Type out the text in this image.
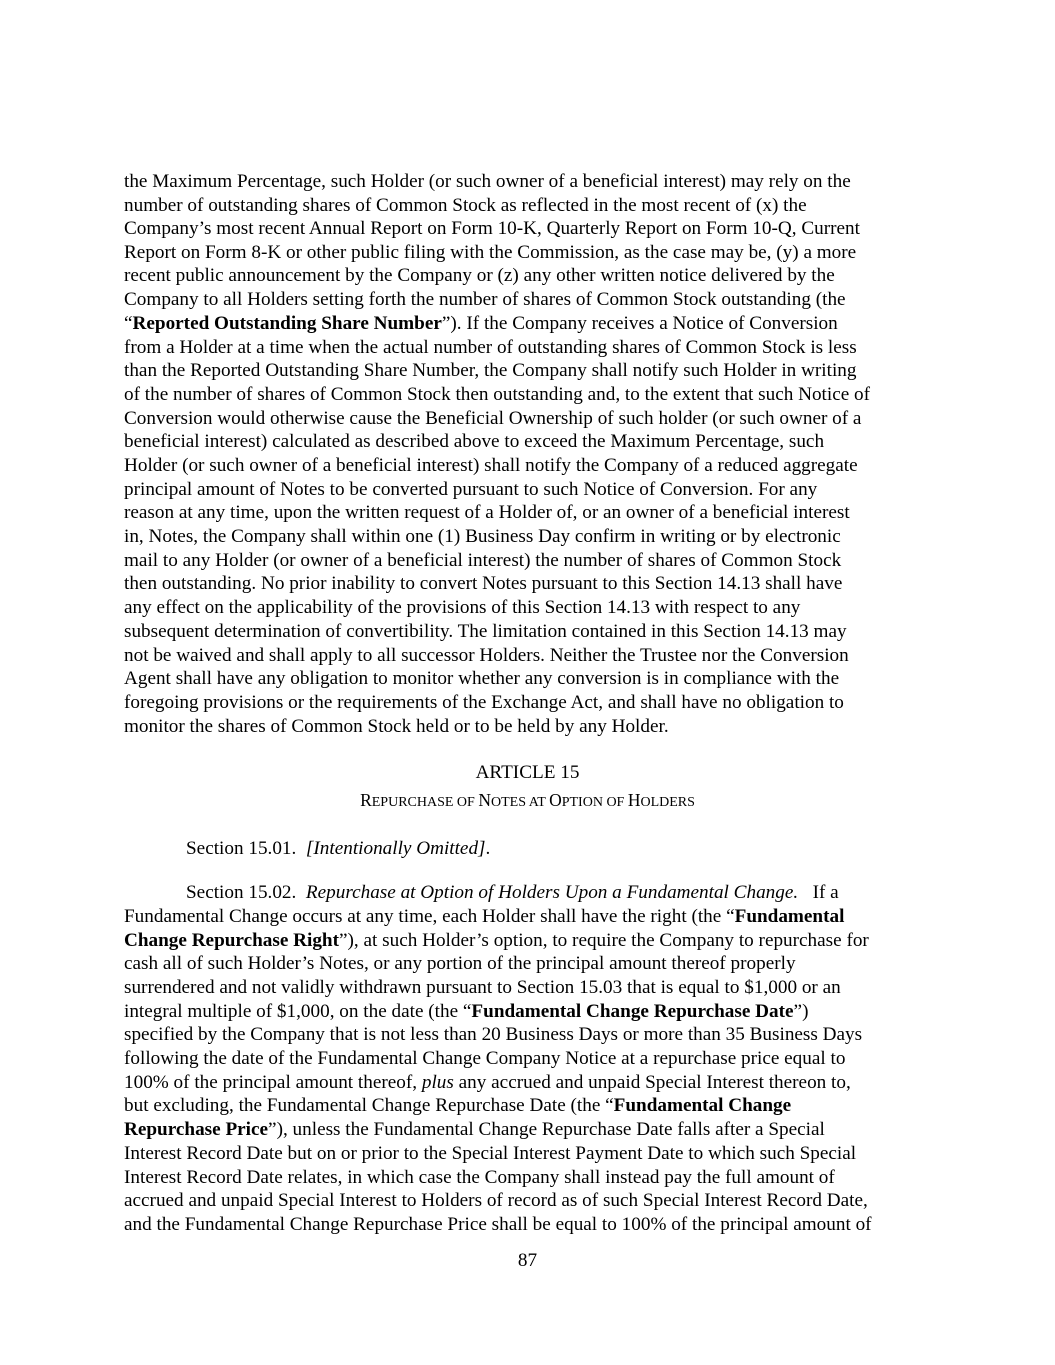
the Maximum Percentage, such Holder (or such owner of a beneficial interest) may rely on the
number of outstanding shares of Common Stock as reflected in the most recent of (x) the
Company’s most recent Annual Report on Form 10-K, Quarterly Report on Form 10-Q, Current
Report on Form 8-K or other public filing with the Commission, as the case may be, (y) a more
recent public announcement by the Company or (z) any other written notice delivered by the
Company to all Holders setting forth the number of shares of Common Stock outstanding (the
“Reported Outstanding Share Number”). If the Company receives a Notice of Conversion
from a Holder at a time when the actual number of outstanding shares of Common Stock is less
than the Reported Outstanding Share Number, the Company shall notify such Holder in writing
of the number of shares of Common Stock then outstanding and, to the extent that such Notice of
Conversion would otherwise cause the Beneficial Ownership of such holder (or such owner of a
beneficial interest) calculated as described above to exceed the Maximum Percentage, such
Holder (or such owner of a beneficial interest) shall notify the Company of a reduced aggregate
principal amount of Notes to be converted pursuant to such Notice of Conversion. For any
reason at any time, upon the written request of a Holder of, or an owner of a beneficial interest
in, Notes, the Company shall within one (1) Business Day confirm in writing or by electronic
mail to any Holder (or owner of a beneficial interest) the number of shares of Common Stock
then outstanding. No prior inability to convert Notes pursuant to this Section 14.13 shall have
any effect on the applicability of the provisions of this Section 14.13 with respect to any
subsequent determination of convertibility. The limitation contained in this Section 14.13 may
not be waived and shall apply to all successor Holders. Neither the Trustee nor the Conversion
Agent shall have any obligation to monitor whether any conversion is in compliance with the
foregoing provisions or the requirements of the Exchange Act, and shall have no obligation to
monitor the shares of Common Stock held or to be held by any Holder.
ARTICLE 15
REPURCHASE OF NOTES AT OPTION OF HOLDERS
Section 15.01. [Intentionally Omitted].
Section 15.02. Repurchase at Option of Holders Upon a Fundamental Change. If a
Fundamental Change occurs at any time, each Holder shall have the right (the “Fundamental
Change Repurchase Right”), at such Holder’s option, to require the Company to repurchase for
cash all of such Holder’s Notes, or any portion of the principal amount thereof properly
surrendered and not validly withdrawn pursuant to Section 15.03 that is equal to $1,000 or an
integral multiple of $1,000, on the date (the “Fundamental Change Repurchase Date”)
specified by the Company that is not less than 20 Business Days or more than 35 Business Days
following the date of the Fundamental Change Company Notice at a repurchase price equal to
100% of the principal amount thereof, plus any accrued and unpaid Special Interest thereon to,
but excluding, the Fundamental Change Repurchase Date (the “Fundamental Change
Repurchase Price”), unless the Fundamental Change Repurchase Date falls after a Special
Interest Record Date but on or prior to the Special Interest Payment Date to which such Special
Interest Record Date relates, in which case the Company shall instead pay the full amount of
accrued and unpaid Special Interest to Holders of record as of such Special Interest Record Date,
and the Fundamental Change Repurchase Price shall be equal to 100% of the principal amount of
87
